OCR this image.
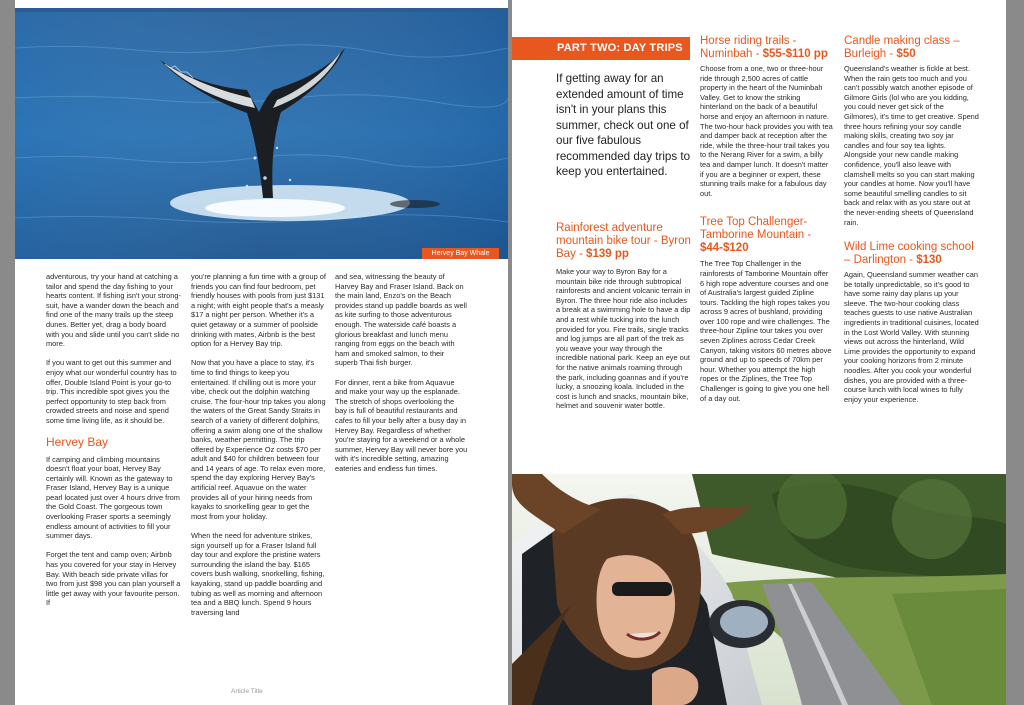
Hervey Bay Whale

adventurous, try your hand at catching a tailor and spend the day fishing to your hearts content. If fishing isn't your strong-suit, have a wander down the beach and find one of the many trails up the steep dunes. Better yet, drag a body board with you and slide until you can't slide no more.

If you want to get out this summer and enjoy what our wonderful country has to offer, Double Island Point is your go-to trip. This incredible spot gives you the perfect opportunity to step back from crowded streets and noise and spend some time living life, as it should be.

Hervey Bay

If camping and climbing mountains doesn't float your boat, Hervey Bay certainly will. Known as the gateway to Fraser Island, Hervey Bay is a unique pearl located just over 4 hours drive from the Gold Coast. The gorgeous town overlooking Fraser sports a seemingly endless amount of activities to fill your summer days.

Forget the tent and camp oven; Airbnb has you covered for your stay in Hervey Bay. With beach side private villas for two from just $98 you can plan yourself a little get away with your favourite person. If

you're planning a fun time with a group of friends you can find four bedroom, pet friendly houses with pools from just $131 a night; with eight people that's a measly $17 a night per person. Whether it's a quiet getaway or a summer of poolside drinking with mates, Airbnb is the best option for a Hervey Bay trip.

Now that you have a place to stay, it's time to find things to keep you entertained. If chilling out is more your vibe, check out the dolphin watching cruise. The four-hour trip takes you along the waters of the Great Sandy Straits in search of a variety of different dolphins, offering a swim along one of the shallow banks, weather permitting. The trip offered by Experience Oz costs $70 per adult and $40 for children between four and 14 years of age. To relax even more, spend the day exploring Hervey Bay's artificial reef. Aquavue on the water provides all of your hiring needs from kayaks to snorkelling gear to get the most from your holiday.

When the need for adventure strikes, sign yourself up for a Fraser Island full day tour and explore the pristine waters surrounding the island the bay. $165 covers bush walking, snorkelling, fishing, kayaking, stand up paddle boarding and tubing as well as morning and afternoon tea and a BBQ lunch. Spend 9 hours traversing land

and sea, witnessing the beauty of Harvey Bay and Fraser Island. Back on the main land, Enzo's on the Beach provides stand up paddle boards as well as kite surfing to those adventurous enough. The waterside café boasts a glorious breakfast and lunch menu ranging from eggs on the beach with ham and smoked salmon, to their superb Thai fish burger.

For dinner, rent a bike from Aquavue and make your way up the esplanade. The stretch of shops overlooking the bay is full of beautiful restaurants and cafes to fill your belly after a busy day in Hervey Bay. Regardless of whether you're staying for a weekend or a whole summer, Hervey Bay will never bore you with it's incredible setting, amazing eateries and endless fun times.

Article Title
PART TWO: DAY TRIPS
If getting away for an extended amount of time isn't in your plans this summer, check out one of our five fabulous recommended day trips to keep you entertained.
Rainforest adventure mountain bike tour - Byron Bay - $139 pp

Make your way to Byron Bay for a mountain bike ride through subtropical rainforests and ancient volcanic terrain in Byron. The three hour ride also includes a break at a swimming hole to have a dip and a rest while tucking into the lunch provided for you. Fire trails, single tracks and log jumps are all part of the trek as you weave your way through the incredible national park. Keep an eye out for the native animals roaming through the park, including goannas and if you're lucky, a snoozing koala. Included in the cost is lunch and snacks, mountain bike, helmet and souvenir water bottle.

Horse riding trails - Numinbah - $55-$110 pp

Choose from a one, two or three-hour ride through 2,500 acres of cattle property in the heart of the Numinbah Valley. Get to know the striking hinterland on the back of a beautiful horse and enjoy an afternoon in nature. The two-hour hack provides you with tea and damper back at reception after the ride, while the three-hour trail takes you to the Nerang River for a swim, a billy tea and damper lunch. It doesn't matter if you are a beginner or expert, these stunning trails make for a fabulous day out.

Tree Top Challenger- Tamborine Mountain - $44-$120

The Tree Top Challenger in the rainforests of Tamborine Mountain offer 6 high rope adventure courses and one of Australia's largest guided Zipline tours. Tackling the high ropes takes you across 9 acres of bushland, providing over 100 rope and wire challenges. The three-hour Zipline tour takes you over seven Ziplines across Cedar Creek Canyon, taking visitors 60 metres above ground and up to speeds of 70km per hour. Whether you attempt the high ropes or the Ziplines, the Tree Top Challenger is going to give you one hell of a day out.

Candle making class – Burleigh - $50

Queensland's weather is fickle at best. When the rain gets too much and you can't possibly watch another episode of Gilmore Girls (lol who are you kidding, you could never get sick of the Gilmores), it's time to get creative. Spend three hours refining your soy candle making skills, creating two soy jar candles and four soy tea lights. Alongside your new candle making confidence, you'll also leave with clamshell melts so you can start making your candles at home. Now you'll have some beautiful smelling candles to sit back and relax with as you stare out at the never-ending sheets of Queensland rain.

Wild Lime cooking school – Darlington - $130

Again, Queensland summer weather can be totally unpredictable, so it's good to have some rainy day plans up your sleeve. The two-hour cooking class teaches guests to use native Australian ingredients in traditional cuisines, located in the Lost World Valley. With stunning views out across the hinterland, Wild Lime provides the opportunity to expand your cooking horizons from 2 minute noodles. After you cook your wonderful dishes, you are provided with a three-course lunch with local wines to fully enjoy your experience.
